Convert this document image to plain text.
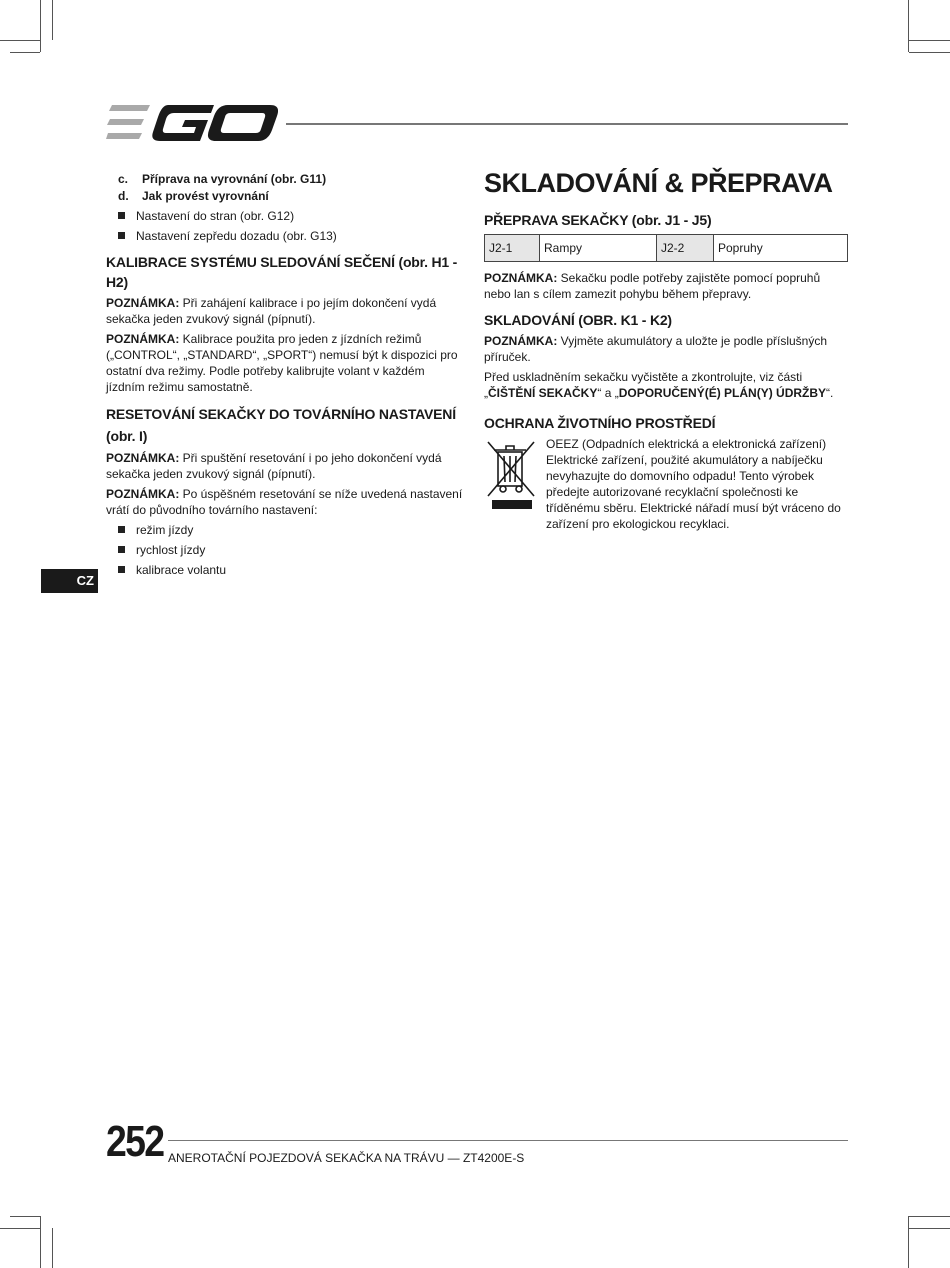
c.	Příprava na vyrovnání (obr. G11)
d.	Jak provést vyrovnání
Nastavení do stran (obr. G12)
Nastavení zepředu dozadu (obr. G13)
KALIBRACE SYSTÉMU SLEDOVÁNÍ SEČENÍ (obr. H1 - H2)

POZNÁMKA: Při zahájení kalibrace i po jejím dokončení vydá sekačka jeden zvukový signál (pípnutí).

POZNÁMKA: Kalibrace použita pro jeden z jízdních režimů („CONTROL“, „STANDARD“, „SPORT“) nemusí být k dispozici pro ostatní dva režimy. Podle potřeby kalibrujte volant v každém jízdním režimu samostatně.

RESETOVÁNÍ SEKAČKY DO TOVÁRNÍHO NASTAVENÍ (obr. I)

POZNÁMKA: Při spuštění resetování i po jeho dokončení vydá sekačka jeden zvukový signál (pípnutí).

POZNÁMKA: Po úspěšném resetování se níže uvedená nastavení vrátí do původního továrního nastavení:

režim jízdy
rychlost jízdy
kalibrace volantu
SKLADOVÁNÍ & PŘEPRAVA
PŘEPRAVA SEKAČKY (obr. J1 - J5)
J2-1	Rampy	J2-2	Popruhy

POZNÁMKA: Sekačku podle potřeby zajistěte pomocí popruhů nebo lan s cílem zamezit pohybu během přepravy.

SKLADOVÁNÍ (OBR. K1 - K2)

POZNÁMKA: Vyjměte akumulátory a uložte je podle příslušných příruček.

Před uskladněním sekačku vyčistěte a zkontrolujte, viz části „ČIŠTĚNÍ SEKAČKY“ a „DOPORUČENÝ(É) PLÁN(Y) ÚDRŽBY“.

OCHRANA ŽIVOTNÍHO PROSTŘEDÍ
OEEZ (Odpadních elektrická a elektronická zařízení) Elektrické zařízení, použité akumulátory a nabíječku nevyhazujte do domovního odpadu! Tento výrobek předejte autorizované recyklační společnosti ke tříděnému sběru. Elektrické nářadí musí být vráceno do zařízení pro ekologickou recyklaci.
CZ
252 ANEROTAČNÍ POJEZDOVÁ SEKAČKA NA TRÁVU — ZT4200E-S
